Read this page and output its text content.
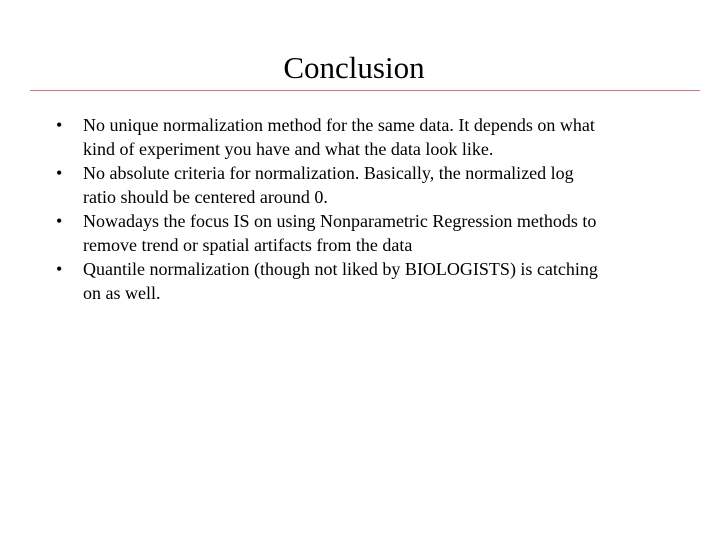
Conclusion
•	No unique normalization method for the same data. It depends on what
kind of experiment you have and what the data look like.
•	No absolute criteria for normalization. Basically, the normalized log
ratio should be centered around 0.
•	Nowadays the focus IS on using Nonparametric Regression methods to
remove trend or spatial artifacts from the data
•	Quantile normalization (though not liked by BIOLOGISTS) is catching
on as well.
